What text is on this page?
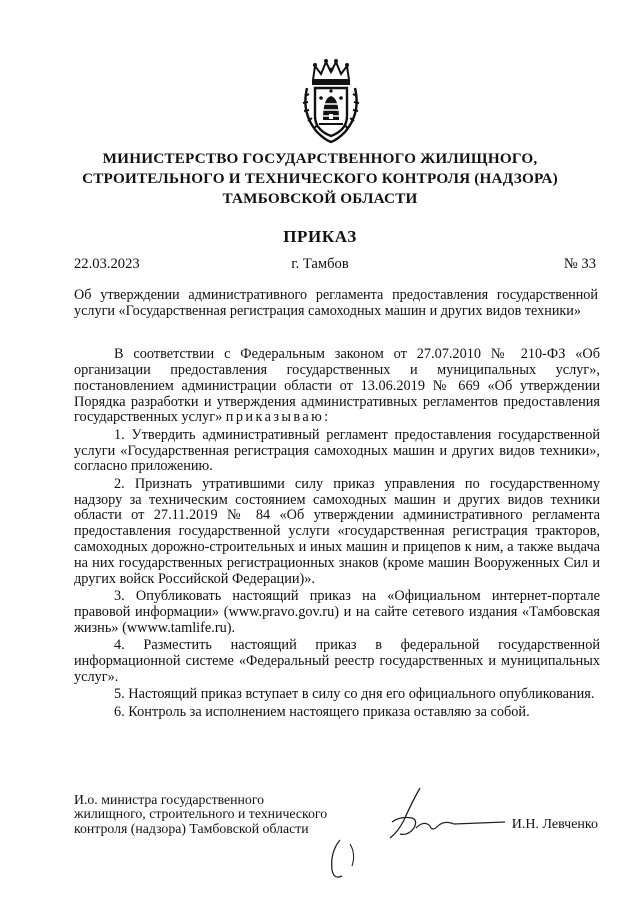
МИНИСТЕРСТВО ГОСУДАРСТВЕННОГО ЖИЛИЩНОГО,
СТРОИТЕЛЬНОГО И ТЕХНИЧЕСКОГО КОНТРОЛЯ (НАДЗОРА)
ТАМБОВСКОЙ ОБЛАСТИ
ПРИКАЗ
22.03.2023	г. Тамбов	№ 33
Об утверждении административного регламента предоставления государственной услуги «Государственная регистрация самоходных машин и других видов техники»

В соответствии с Федеральным законом от 27.07.2010 № 210-ФЗ «Об организации предоставления государственных и муниципальных услуг», постановлением администрации области от 13.06.2019 № 669 «Об утверждении Порядка разработки и утверждения административных регламентов предоставления государственных услуг» приказываю:

1. Утвердить административный регламент предоставления государственной услуги «Государственная регистрация самоходных машин и других видов техники», согласно приложению.

2. Признать утратившими силу приказ управления по государственному надзору за техническим состоянием самоходных машин и других видов техники области от 27.11.2019 № 84 «Об утверждении административного регламента предоставления государственной услуги «государственная регистрация тракторов, самоходных дорожно-строительных и иных машин и прицепов к ним, а также выдача на них государственных регистрационных знаков (кроме машин Вооруженных Сил и других войск Российской Федерации)».

3. Опубликовать настоящий приказ на «Официальном интернет-портале правовой информации» (www.pravo.gov.ru) и на сайте сетевого издания «Тамбовская жизнь» (wwww.tamlife.ru).

4. Разместить настоящий приказ в федеральной государственной информационной системе «Федеральный реестр государственных и муниципальных услуг».

5. Настоящий приказ вступает в силу со дня его официального опубликования.

6. Контроль за исполнением настоящего приказа оставляю за собой.

И.о. министра государственного
жилищного, строительного и технического
контроля (надзора) Тамбовской области	И.Н. Левченко
